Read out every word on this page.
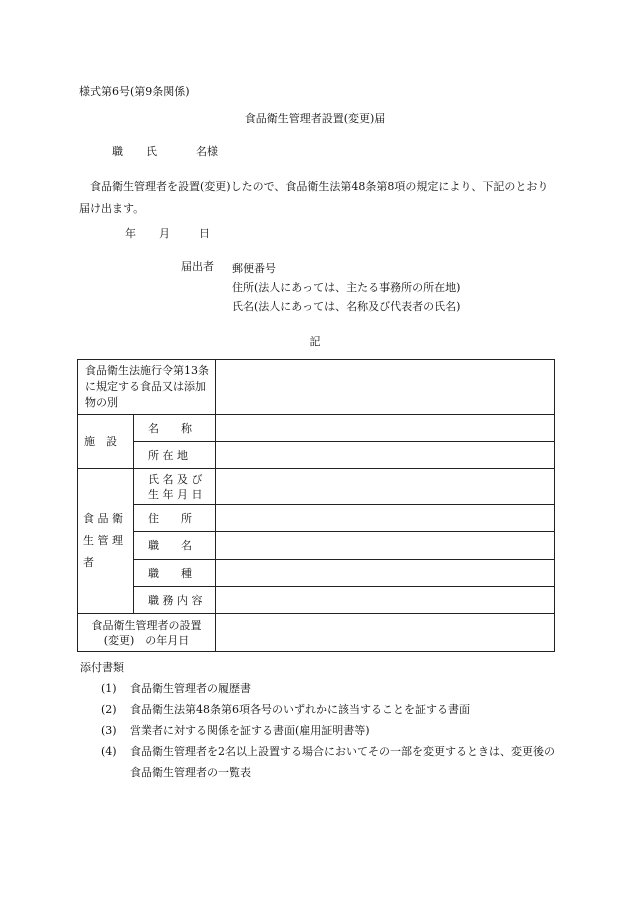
様式第6号(第9条関係)
食品衛生管理者設置(変更)届
職 氏	名様
食品衛生管理者を設置(変更)したので、食品衛生法第48条第8項の規定により、下記のとおり届け出ます。
年 月	日
届出者 郵便番号
住所(法人にあっては、主たる事務所の所在地)
氏名(法人にあっては、名称及び代表者の氏名)
記
食品衛生法施行令第13条に規定する食品又は添加物の別		

施　設	名　　称	

	所 在 地	

食 品 衛 生 管 理 者	氏 名 及 び
生 年 月 日	

	住　　所	

	職　　名	

	職　　種	

	職 務 内 容	

食品衛生管理者の設置
(変更)　の年月日		

添付書類
(1)	食品衛生管理者の履歴書
(2)	食品衛生法第48条第6項各号のいずれかに該当することを証する書面
(3)	営業者に対する関係を証する書面(雇用証明書等)
(4)	食品衛生管理者を2名以上設置する場合においてその一部を変更するときは、変更後の食品衛生管理者の一覧表
